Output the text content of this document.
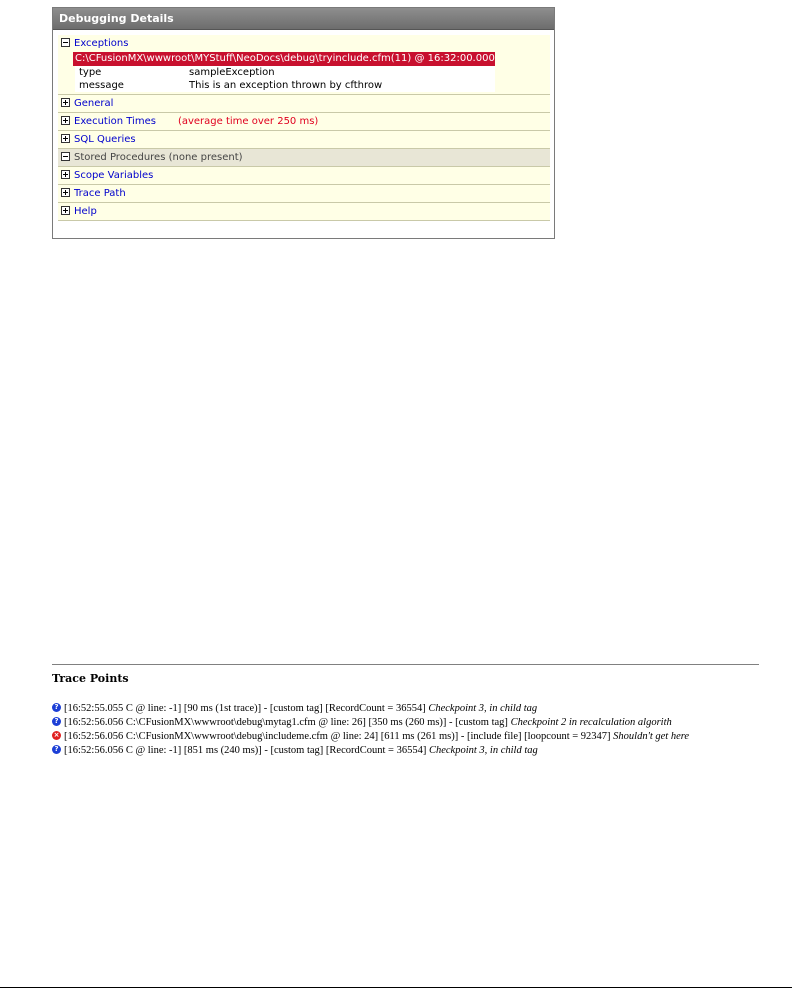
Debugging Details
Exceptions
C:\CFusionMX\wwwroot\MYStuff\NeoDocs\debug\tryinclude.cfm(11) @ 16:32:00.000
type	sampleException
message	This is an exception thrown by cfthrow
General
Execution Times (average time over 250 ms)
SQL Queries
Stored Procedures (none present)
Scope Variables
Trace Path
Help
Trace Points
? [16:52:55.055 C @ line: -1] [90 ms (1st trace)] - [custom tag] [RecordCount = 36554] Checkpoint 3, in child tag
? [16:52:56.056 C:\CFusionMX\wwwroot\debug\mytag1.cfm @ line: 26] [350 ms (260 ms)] - [custom tag] Checkpoint 2 in recalculation algorith
× [16:52:56.056 C:\CFusionMX\wwwroot\debug\includeme.cfm @ line: 24] [611 ms (261 ms)] - [include file] [loopcount = 92347] Shouldn't get here
? [16:52:56.056 C @ line: -1] [851 ms (240 ms)] - [custom tag] [RecordCount = 36554] Checkpoint 3, in child tag
